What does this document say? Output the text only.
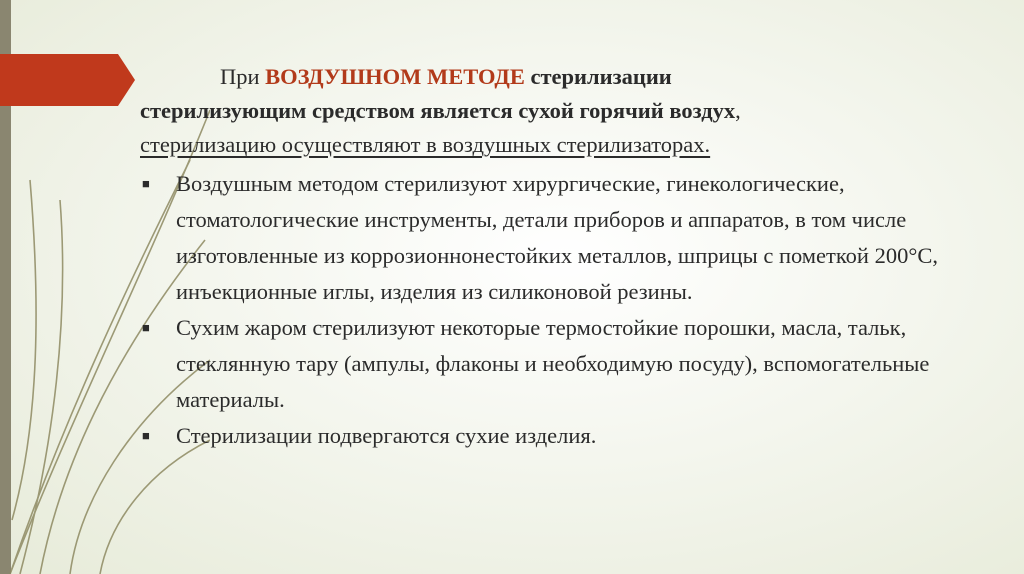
При ВОЗДУШНОМ МЕТОДЕ стерилизации
стерилизующим средством является сухой горячий воздух,
стерилизацию осуществляют в воздушных стерилизаторах.
■ Воздушным методом стерилизуют хирургические, гинекологические, стоматологические инструменты, детали приборов и аппаратов, в том числе изготовленные из коррозионнонестойких металлов, шприцы с пометкой 200°С, инъекционные иглы, изделия из силиконовой резины.
■ Сухим жаром стерилизуют некоторые термостойкие порошки, масла, тальк, стеклянную тару (ампулы, флаконы и необходимую посуду), вспомогательные материалы.
■ Стерилизации подвергаются сухие изделия.
